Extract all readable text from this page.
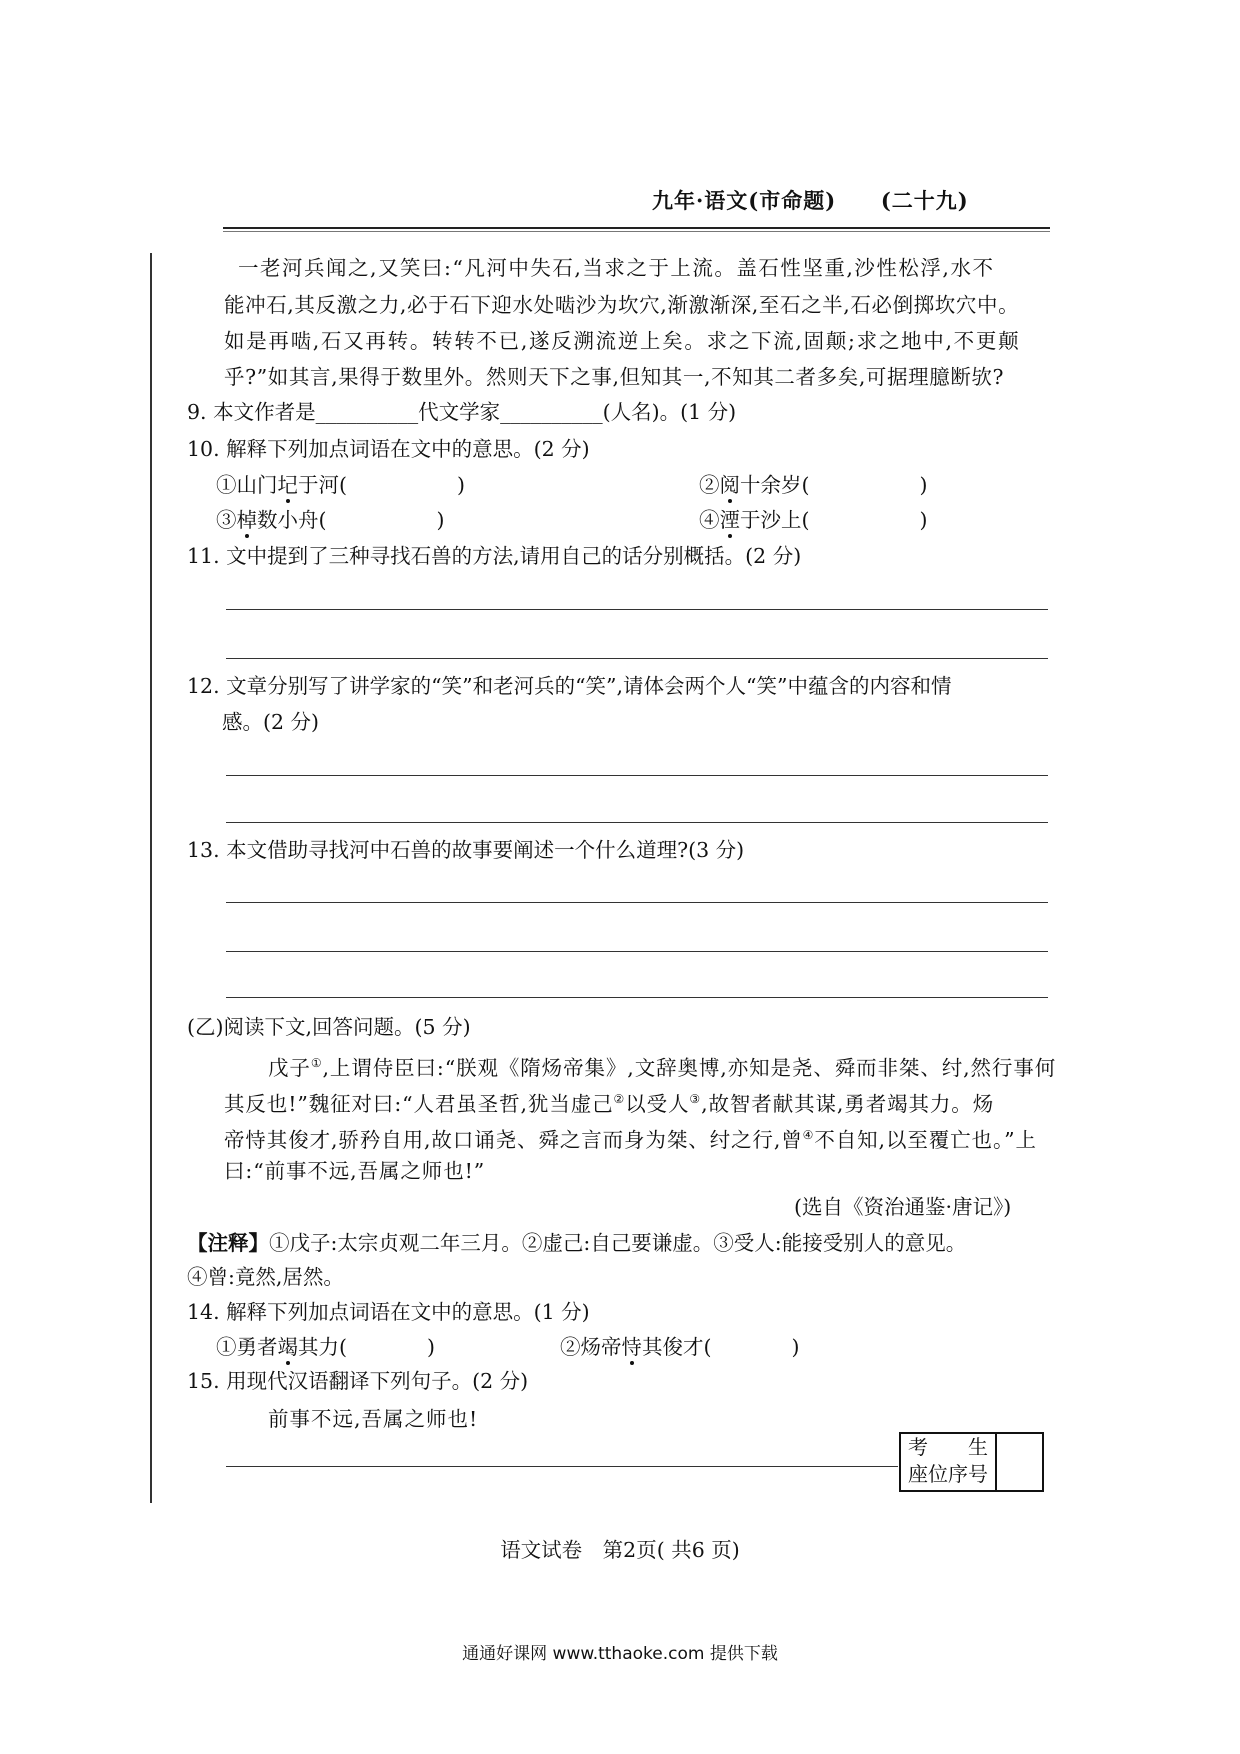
九年·语文(市命题) (二十九)
一老河兵闻之,又笑曰:“凡河中失石,当求之于上流。盖石性坚重,沙性松浮,水不
能冲石,其反激之力,必于石下迎水处啮沙为坎穴,渐激渐深,至石之半,石必倒掷坎穴中。
如是再啮,石又再转。转转不已,遂反溯流逆上矣。求之下流,固颠;求之地中,不更颠
乎?”如其言,果得于数里外。然则天下之事,但知其一,不知其二者多矣,可据理臆断欤?
9. 本文作者是__________代文学家__________(人名)。(1 分)
10. 解释下列加点词语在文中的意思。(2 分)
①山门圮于河(	)	②阅十余岁(	)
③棹数小舟(	)	④湮于沙上(	)
11. 文中提到了三种寻找石兽的方法,请用自己的话分别概括。(2 分)
12. 文章分别写了讲学家的“笑”和老河兵的“笑”,请体会两个人“笑”中蕴含的内容和情
感。(2 分)
13. 本文借助寻找河中石兽的故事要阐述一个什么道理?(3 分)
(乙)阅读下文,回答问题。(5 分)
戊子①,上谓侍臣曰:“朕观《隋炀帝集》,文辞奥博,亦知是尧、舜而非桀、纣,然行事何
其反也!”魏征对曰:“人君虽圣哲,犹当虚己②以受人③,故智者献其谋,勇者竭其力。炀
帝恃其俊才,骄矜自用,故口诵尧、舜之言而身为桀、纣之行,曾④不自知,以至覆亡也。”上
曰:“前事不远,吾属之师也!”
(选自《资治通鉴·唐记》)
【注释】①戊子:太宗贞观二年三月。②虚己:自己要谦虚。③受人:能接受别人的意见。
④曾:竟然,居然。
14. 解释下列加点词语在文中的意思。(1 分)
①勇者竭其力(	)	②炀帝恃其俊才(	)
15. 用现代汉语翻译下列句子。(2 分)
前事不远,吾属之师也!
考　　生
座位序号
语文试卷　第2页( 共6 页)
通通好课网 www.tthaoke.com 提供下载
